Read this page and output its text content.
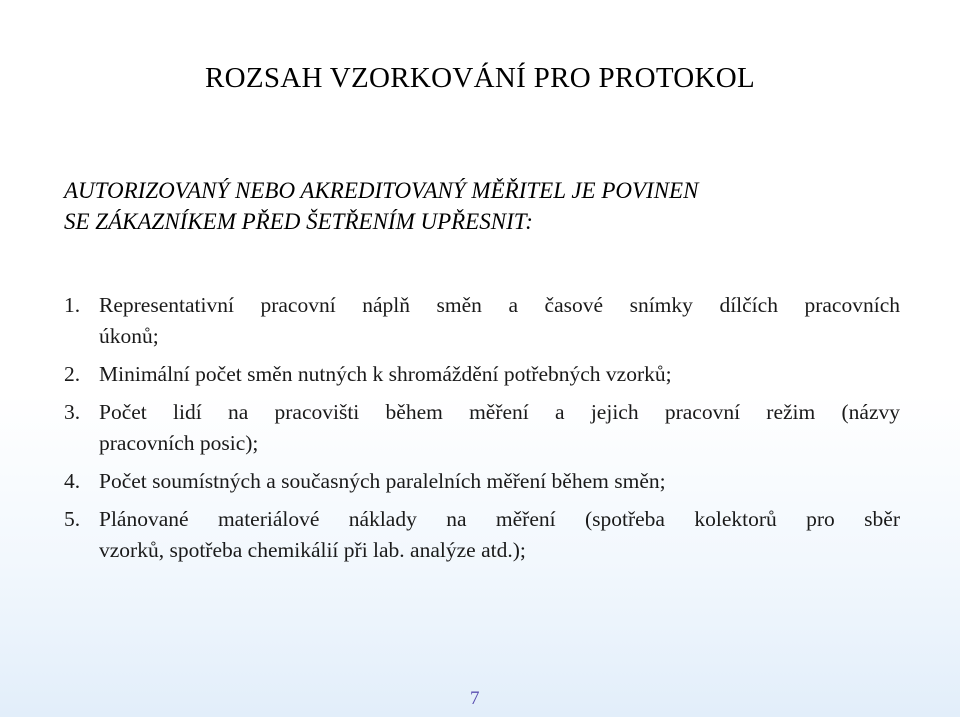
ROZSAH VZORKOVÁNÍ PRO PROTOKOL
AUTORIZOVANÝ NEBO AKREDITOVANÝ MĚŘITEL JE POVINEN
SE ZÁKAZNÍKEM PŘED ŠETŘENÍM UPŘESNIT:
1. Representativní pracovní náplň směn a časové snímky dílčích pracovních
úkonů;
2. Minimální počet směn nutných k shromáždění potřebných vzorků;
3. Počet lidí na pracovišti během měření a jejich pracovní režim (názvy
pracovních posic);
4. Počet soumístných a současných paralelních měření během směn;
5. Plánované materiálové náklady na měření (spotřeba kolektorů pro sběr
vzorků, spotřeba chemikálií při lab. analýze atd.);
7
